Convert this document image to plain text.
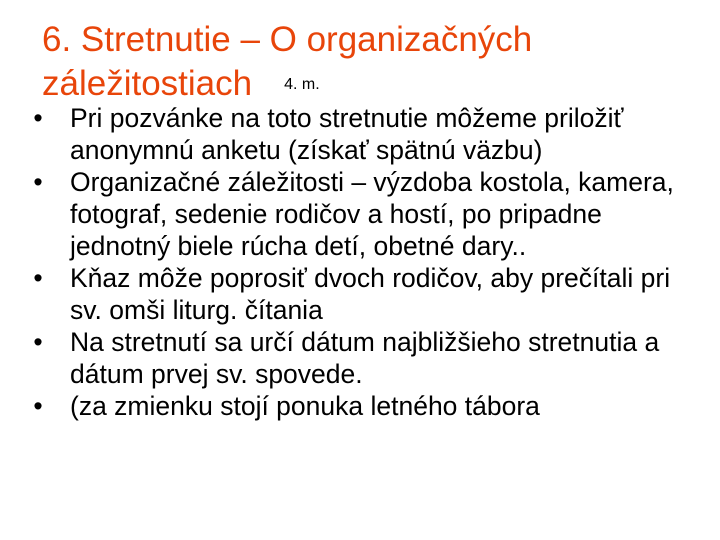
6. Stretnutie – O organizačných
záležitostiach 4. m.
• Pri pozvánke na toto stretnutie môžeme priložiť anonymnú anketu (získať spätnú väzbu)
• Organizačné záležitosti – výzdoba kostola, kamera, fotograf, sedenie rodičov a hostí, po pripadne jednotný biele rúcha detí, obetné dary..
• Kňaz môže poprosiť dvoch rodičov, aby prečítali pri sv. omši liturg. čítania
• Na stretnutí sa určí dátum najbližšieho stretnutia a dátum prvej sv. spovede.
• (za zmienku stojí ponuka letného tábora
